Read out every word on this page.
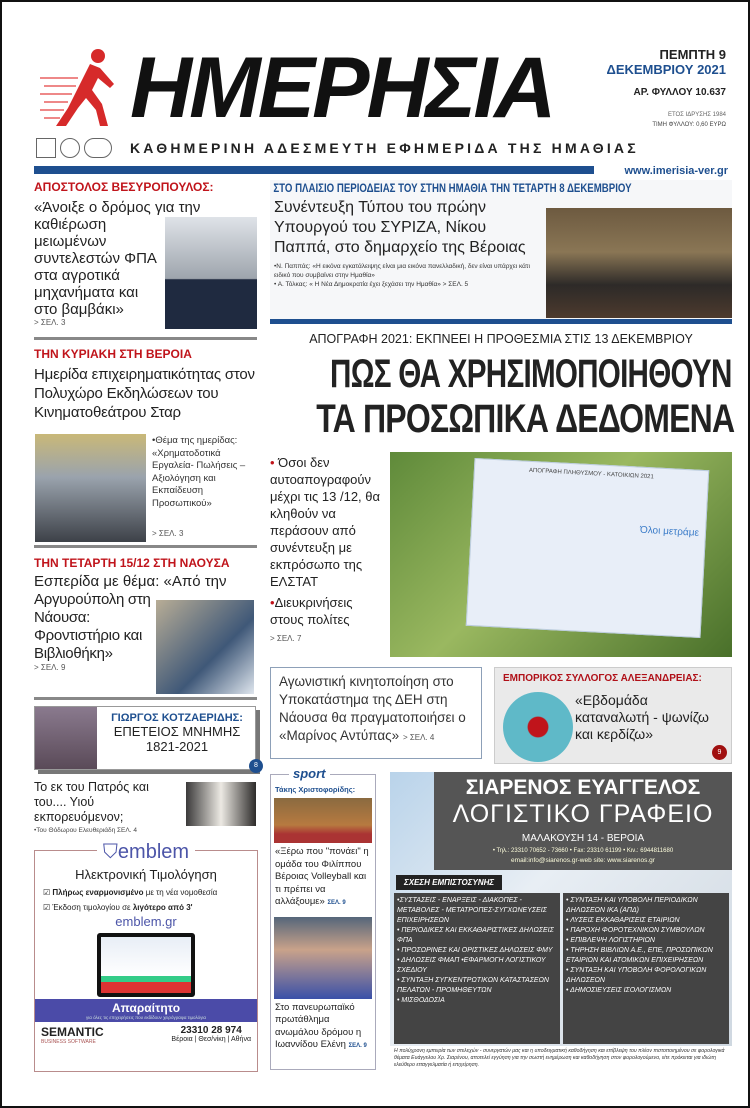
ΗΜΕΡΗΣΙΑ
ΚΑΘΗΜΕΡΙΝΗ ΑΔΕΣΜΕΥΤΗ ΕΦΗΜΕΡΙΔΑ ΤΗΣ ΗΜΑΘΙΑΣ
ΠΕΜΠΤΗ 9
ΔΕΚΕΜΒΡΙΟΥ 2021
ΑΡ. ΦΥΛΛΟΥ 10.637
ΕΤΟΣ ΙΔΡΥΣΗΣ 1984
ΤΙΜΗ ΦΥΛΛΟΥ: 0,60 ΕΥΡΩ
www.imerisia-ver.gr
ΑΠΟΣΤΟΛΟΣ ΒΕΣΥΡΟΠΟΥΛΟΣ:
«Άνοιξε ο δρόμος για την καθιέρωση μειωμένων συντελεστών ΦΠΑ στα αγροτικά μηχανήματα και στο βαμβάκι»
> ΣΕΛ. 3
ΤΗΝ ΚΥΡΙΑΚΗ ΣΤΗ ΒΕΡΟΙΑ
Ημερίδα επιχειρηματικότητας στον Πολυχώρο Εκδηλώσεων του Κινηματοθεάτρου Σταρ
•Θέμα της ημερίδας: «Χρηματοδοτικά Εργαλεία- Πωλήσεις – Αξιολόγηση και Εκπαίδευση Προσωπικού»
> ΣΕΛ. 3
ΤΗΝ ΤΕΤΑΡΤΗ 15/12 ΣΤΗ ΝΑΟΥΣΑ
Εσπερίδα με θέμα: «Από την
Αργυρούπολη στη Νάουσα: Φροντιστήριο και Βιβλιοθήκη»
> ΣΕΛ. 9
ΓΙΩΡΓΟΣ ΚΟΤΖΑΕΡΙΔΗΣ:
ΕΠΕΤΕΙΟΣ ΜΝΗΜΗΣ
1821-2021
8
Το εκ του Πατρός και του.... Υιού εκπορευόμενον;
•Του Θόδωρου Ελευθεριάδη ΣΕΛ. 4
⛉emblem
Ηλεκτρονική Τιμολόγηση
☑ Πλήρως εναρμονισμένο με τη νέα νομοθεσία
☑ Έκδοση τιμολογίου σε λιγότερο από 3'
emblem.gr
Απαραίτητο
για όλες τις επιχειρήσεις που εκδίδουν χειρόγραφα τιμολόγια
SEMANTIC
BUSINESS SOFTWARE
23310 28 974
Βέροια | Θεσ/νίκη | Αθήνα
ΣΤΟ ΠΛΑΙΣΙΟ ΠΕΡΙΟΔΕΙΑΣ ΤΟΥ ΣΤΗΝ ΗΜΑΘΙΑ ΤΗΝ ΤΕΤΑΡΤΗ 8 ΔΕΚΕΜΒΡΙΟΥ
Συνέντευξη Τύπου του πρώην Υπουργού του ΣΥΡΙΖΑ, Νίκου Παππά, στο δημαρχείο της Βέροιας
•Ν. Παππάς: «Η εικόνα εγκατάλειψης είναι μια εικόνα πανελλαδική, δεν είναι υπάρχει κάτι ειδικό που συμβαίνει στην Ημαθία»
• Α. Τόλκας: « Η Νέα Δημοκρατία έχει ξεχάσει την Ημαθία» > ΣΕΛ. 5
ΑΠΟΓΡΑΦΗ 2021: ΕΚΠΝΕΕΙ Η ΠΡΟΘΕΣΜΙΑ ΣΤΙΣ 13 ΔΕΚΕΜΒΡΙΟΥ
ΠΩΣ ΘΑ ΧΡΗΣΙΜΟΠΟΙΗΘΟΥΝ
ΤΑ ΠΡΟΣΩΠΙΚΑ ΔΕΔΟΜΕΝΑ
• Όσοι δεν αυτοαπογραφούν μέχρι τις 13 /12, θα κληθούν να περάσουν από συνέντευξη με εκπρόσωπο της ΕΛΣΤΑΤ
•Διευκρινήσεις στους πολίτες
> ΣΕΛ. 7
ΑΠΟΓΡΑΦΗ ΠΛΗΘΥΣΜΟΥ - ΚΑΤΟΙΚΙΩΝ 2021
Όλοι μετράμε
Αγωνιστική κινητοποίηση στο Υποκατάστημα της ΔΕΗ στη Νάουσα θα πραγματοποιήσει ο «Μαρίνος Αντύπας» > ΣΕΛ. 4
ΕΜΠΟΡΙΚΟΣ ΣΥΛΛΟΓΟΣ ΑΛΕΞΑΝΔΡΕΙΑΣ:
«Εβδομάδα καταναλωτή - ψωνίζω και κερδίζω»
9
sport
Τάκης Χριστοφορίδης:
«Ξέρω που "πονάει" η ομάδα του Φιλίππου Βέροιας Volleyball και τι πρέπει να αλλάξουμε» ΣΕΛ. 9
Στο πανευρωπαϊκό πρωτάθλημα ανωμάλου δρόμου η Ιωαννίδου Ελένη ΣΕΛ. 9
ΣΙΑΡΕΝΟΣ ΕΥΑΓΓΕΛΟΣ
ΛΟΓΙΣΤΙΚΟ ΓΡΑΦΕΙΟ
ΜΑΛΑΚΟΥΣΗ 14 - ΒΕΡΟΙΑ
• Τηλ.: 23310 70652 - 73660 • Fax: 23310 61199 • Κιν.: 6944811680
email:info@siarenos.gr-web site: www.siarenos.gr
ΣΧΕΣΗ ΕΜΠΙΣΤΟΣΥΝΗΣ
•ΣΥΣΤΑΣΕΙΣ - ΕΝΑΡΞΕΙΣ - ΔΙΑΚΟΠΕΣ - ΜΕΤΑΒΟΛΕΣ - ΜΕΤΑΤΡΟΠΕΣ-ΣΥΓΧΩΝΕΥΣΕΙΣ ΕΠΙΧΕΙΡΗΣΕΩΝ
• ΠΕΡΙΟΔΙΚΕΣ ΚΑΙ ΕΚΚΑΘΑΡΙΣΤΙΚΕΣ ΔΗΛΩΣΕΙΣ ΦΠΑ
• ΠΡΟΣΩΡΙΝΕΣ ΚΑΙ ΟΡΙΣΤΙΚΕΣ ΔΗΛΩΣΕΙΣ ΦΜΥ
• ΔΗΛΩΣΕΙΣ ΦΜΑΠ •ΕΦΑΡΜΟΓΗ ΛΟΓΙΣΤΙΚΟΥ ΣΧΕΔΙΟΥ
• ΣΥΝΤΑΞΗ ΣΥΓΚΕΝΤΡΩΤΙΚΩΝ ΚΑΤΑΣΤΑΣΕΩΝ ΠΕΛΑΤΩΝ - ΠΡΟΜΗΘΕΥΤΩΝ
• ΜΙΣΘΟΔΟΣΙΑ
• ΣΥΝΤΑΞΗ ΚΑΙ ΥΠΟΒΟΛΗ ΠΕΡΙΟΔΙΚΩΝ ΔΗΛΩΣΕΩΝ ΙΚΑ (ΑΠΔ)
• ΛΥΣΕΙΣ ΕΚΚΑΘΑΡΙΣΕΙΣ ΕΤΑΙΡΙΩΝ
• ΠΑΡΟΧΗ ΦΟΡΟΤΕΧΝΙΚΩΝ ΣΥΜΒΟΥΛΩΝ
• ΕΠΙΒΛΕΨΗ ΛΟΓΙΣΤΗΡΙΩΝ
• ΤΗΡΗΣΗ ΒΙΒΛΙΩΝ Α.Ε., ΕΠΕ, ΠΡΟΣΩΠΙΚΩΝ ΕΤΑΙΡΙΩΝ ΚΑΙ ΑΤΟΜΙΚΩΝ ΕΠΙΧΕΙΡΗΣΕΩΝ
• ΣΥΝΤΑΞΗ ΚΑΙ ΥΠΟΒΟΛΗ ΦΟΡΟΛΟΓΙΚΩΝ ΔΗΛΩΣΕΩΝ
• ΔΗΜΟΣΙΕΥΣΕΙΣ ΙΣΟΛΟΓΙΣΜΩΝ
Η πολύχρονη εμπειρία των στελεχών - συνεργατών μας και η υποδειγματική καθοδήγηση και επίβλεψη του πλέον πιστοποιημένου σε φορολογικά θέματα Ευάγγελου Χρ. Σιαρένου, αποτελεί εγγύηση για την σωστή ενημέρωση και καθοδήγηση στον φορολογούμενο, είτε πρόκειται για ιδιώτη ελεύθερο επαγγελματία ή επιχείρηση.
